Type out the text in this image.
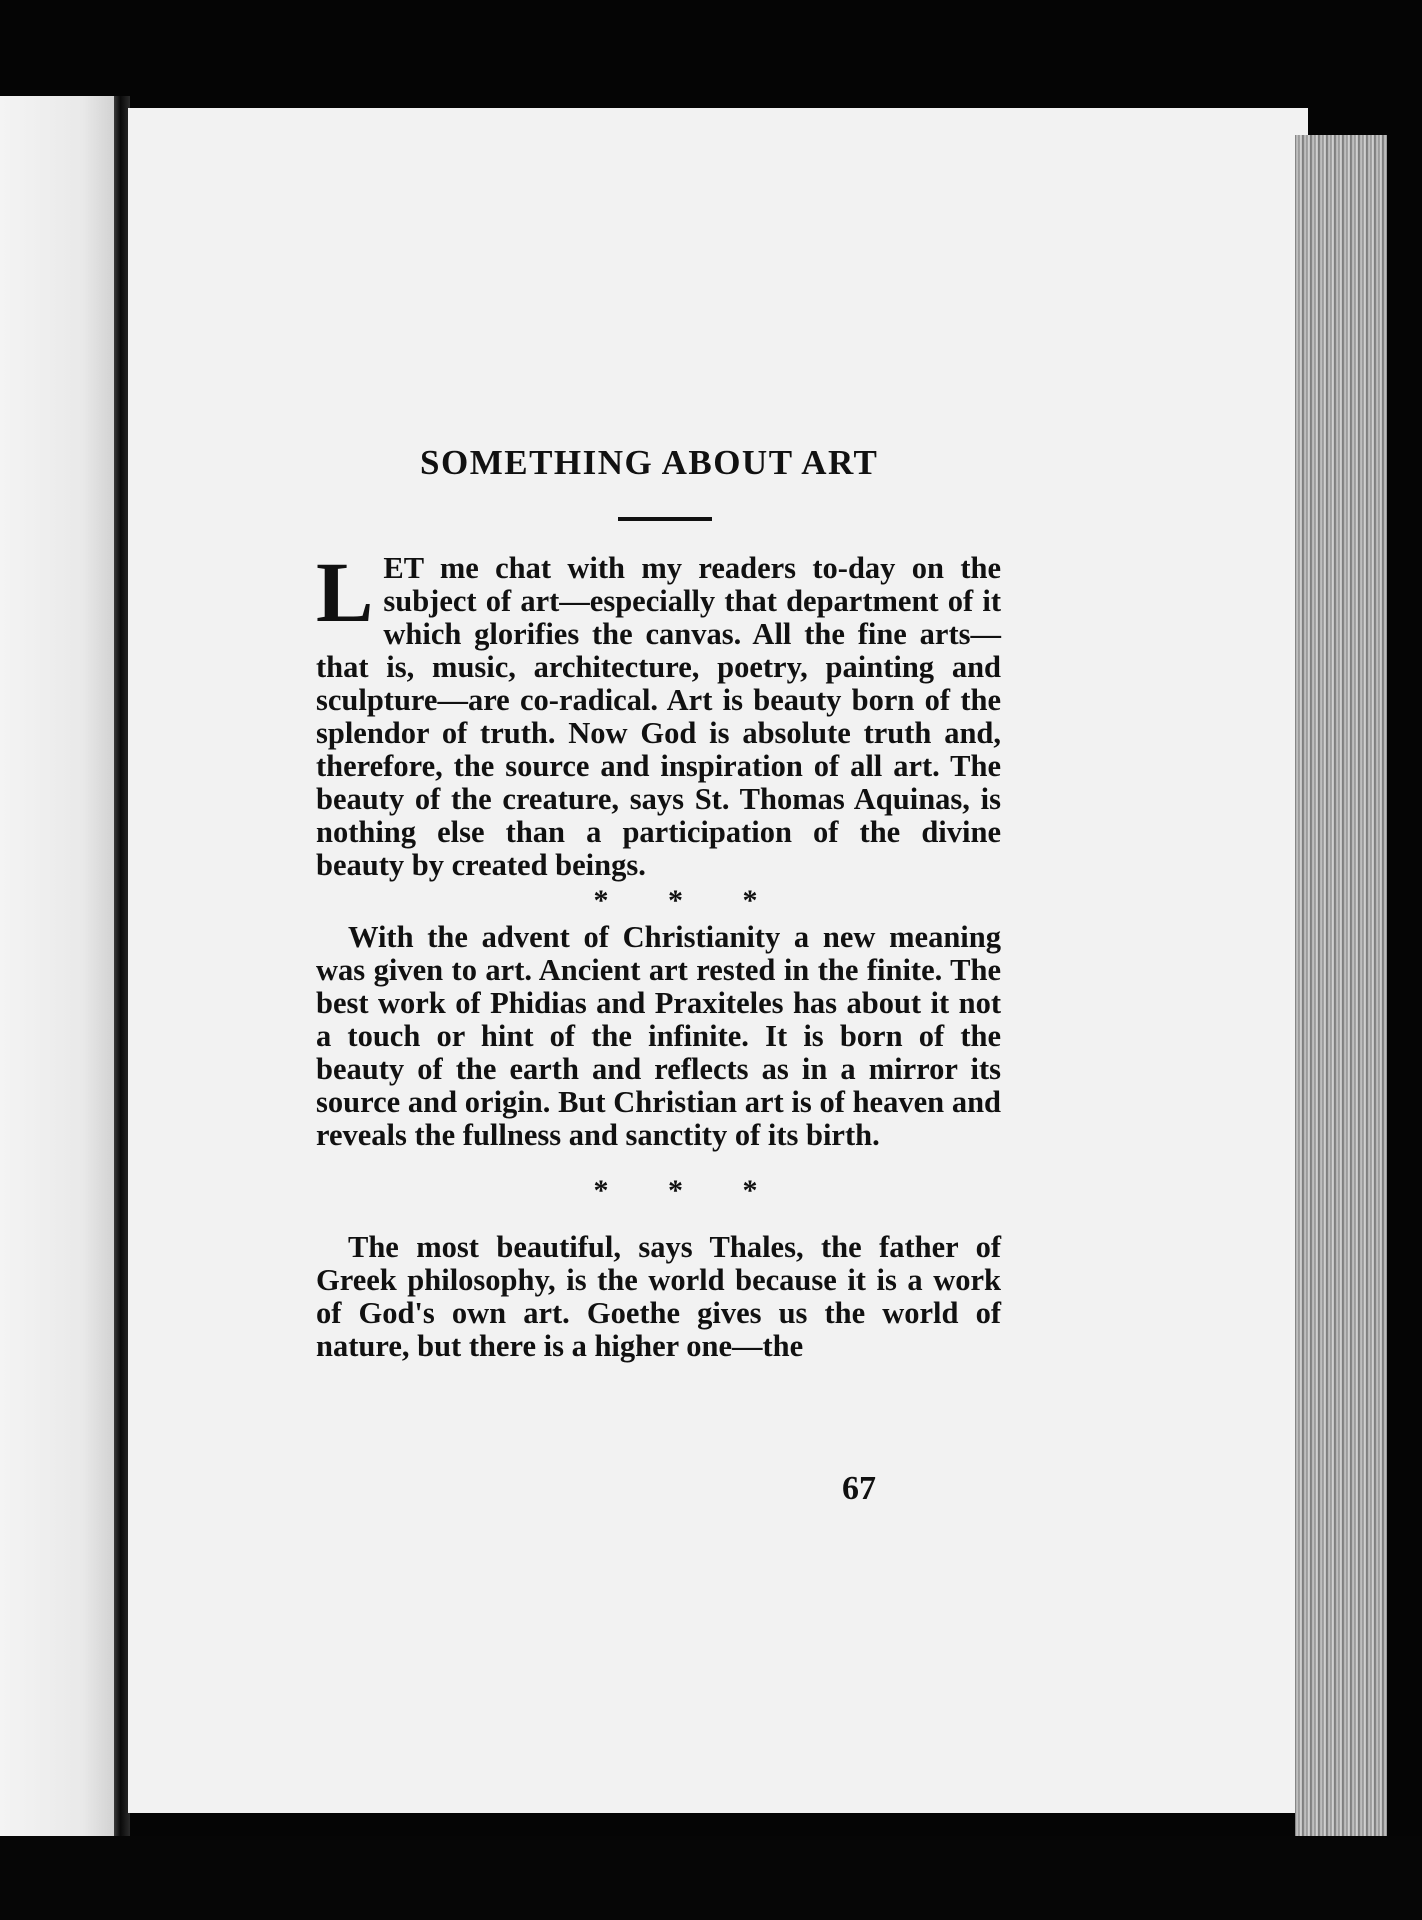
SOMETHING ABOUT ART

LET me chat with my readers to-day on the subject of art—especially that department of it which glorifies the canvas. All the fine arts—that is, music, architecture, poetry, painting and sculpture—are co-radical. Art is beauty born of the splendor of truth. Now God is absolute truth and, therefore, the source and inspiration of all art. The beauty of the creature, says St. Thomas Aquinas, is nothing else than a participation of the divine beauty by created beings.

* * *

With the advent of Christianity a new meaning was given to art. Ancient art rested in the finite. The best work of Phidias and Praxiteles has about it not a touch or hint of the infinite. It is born of the beauty of the earth and reflects as in a mirror its source and origin. But Christian art is of heaven and reveals the fullness and sanctity of its birth.

* * *

The most beautiful, says Thales, the father of Greek philosophy, is the world because it is a work of God's own art. Goethe gives us the world of nature, but there is a higher one—the

67
